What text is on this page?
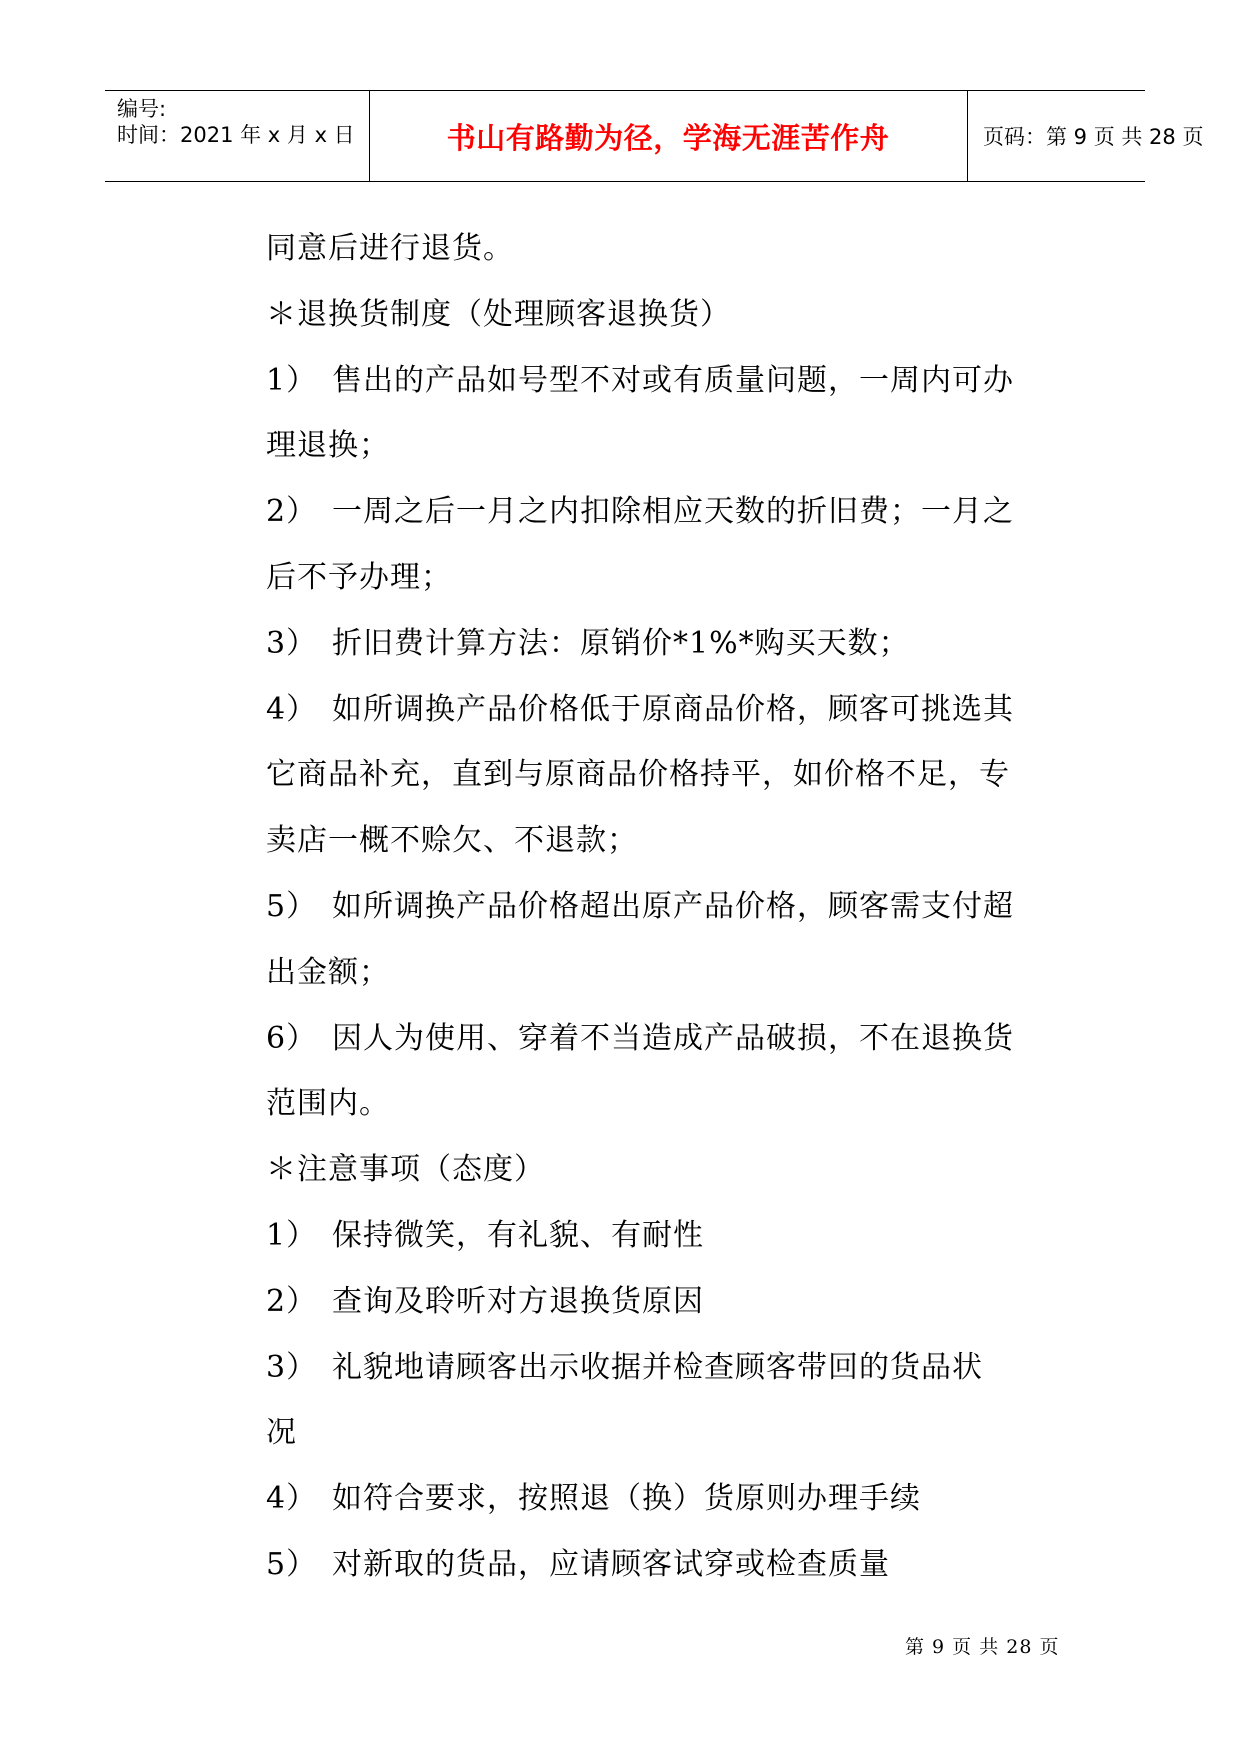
编号:
时间：2021 年 x 月 x 日	书山有路勤为径，学海无涯苦作舟	页码：第 9 页 共 28 页

同意后进行退货。

＊退换货制度（处理顾客退换货）

1） 售出的产品如号型不对或有质量问题，一周内可办

理退换；

2） 一周之后一月之内扣除相应天数的折旧费；一月之

后不予办理；

3） 折旧费计算方法：原销价*1%*购买天数；

4） 如所调换产品价格低于原商品价格，顾客可挑选其

它商品补充，直到与原商品价格持平，如价格不足，专

卖店一概不赊欠、不退款；

5） 如所调换产品价格超出原产品价格，顾客需支付超

出金额；

6） 因人为使用、穿着不当造成产品破损，不在退换货

范围内。

＊注意事项（态度）

1） 保持微笑，有礼貌、有耐性

2） 查询及聆听对方退换货原因

3） 礼貌地请顾客出示收据并检查顾客带回的货品状

况

4） 如符合要求，按照退（换）货原则办理手续

5） 对新取的货品，应请顾客试穿或检查质量

第 9 页 共 28 页
